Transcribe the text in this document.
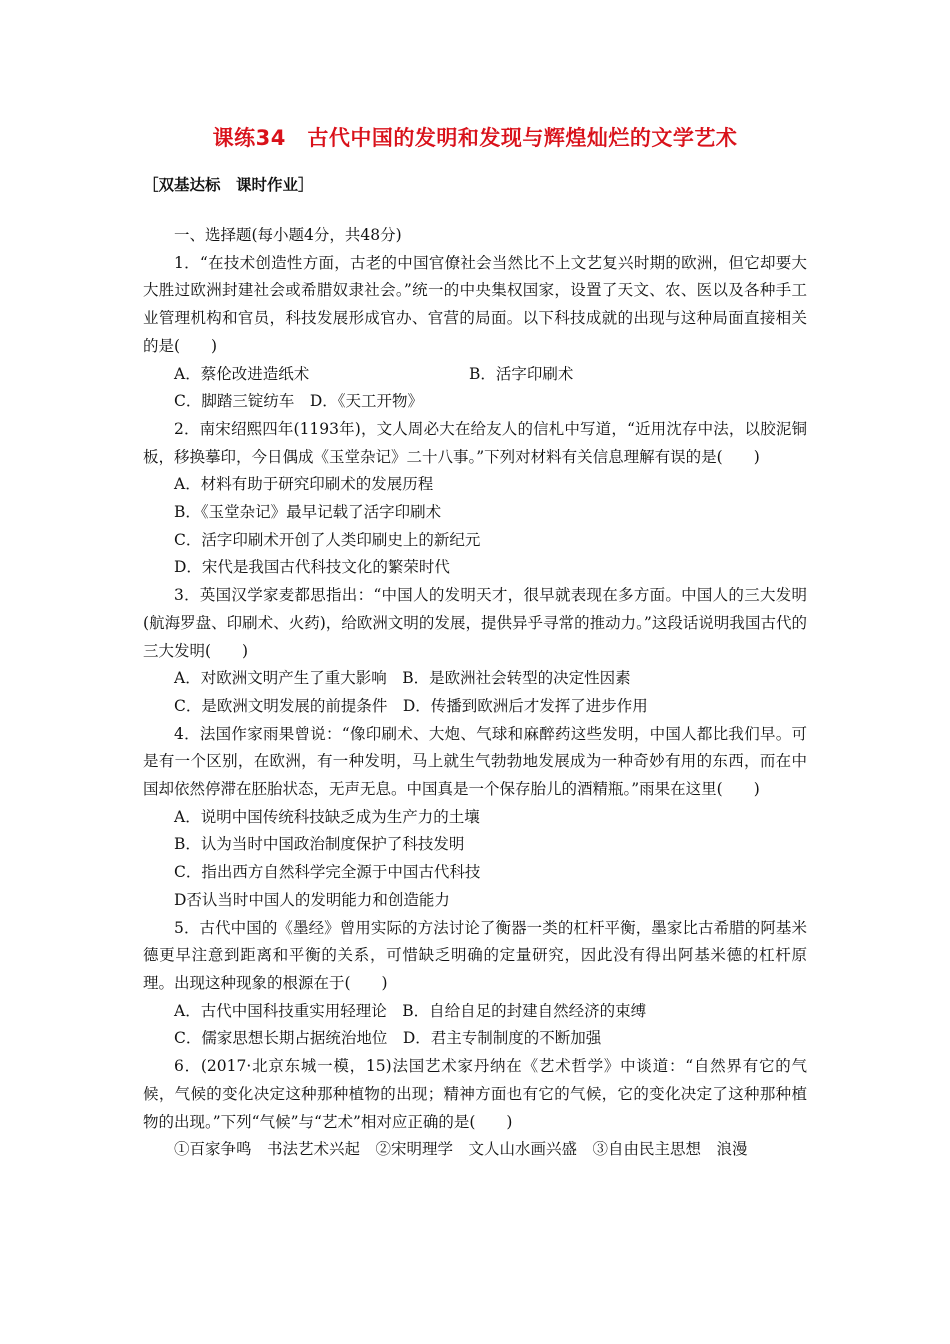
课练34　古代中国的发明和发现与辉煌灿烂的文学艺术
［双基达标　课时作业］

一、选择题(每小题4分，共48分)

1．“在技术创造性方面，古老的中国官僚社会当然比不上文艺复兴时期的欧洲，但它却要大大胜过欧洲封建社会或希腊奴隶社会。”统一的中央集权国家，设置了天文、农、医以及各种手工业管理机构和官员，科技发展形成官办、官营的局面。以下科技成就的出现与这种局面直接相关的是(　　)

A．蔡伦改进造纸术	B．活字印刷术

C．脚踏三锭纺车　D．《天工开物》

2．南宋绍熙四年(1193年)，文人周必大在给友人的信札中写道，“近用沈存中法，以胶泥铜板，移换摹印，今日偶成《玉堂杂记》二十八事。”下列对材料有关信息理解有误的是(　　)

A．材料有助于研究印刷术的发展历程

B．《玉堂杂记》最早记载了活字印刷术

C．活字印刷术开创了人类印刷史上的新纪元

D．宋代是我国古代科技文化的繁荣时代

3．英国汉学家麦都思指出：“中国人的发明天才，很早就表现在多方面。中国人的三大发明(航海罗盘、印刷术、火药)，给欧洲文明的发展，提供异乎寻常的推动力。”这段话说明我国古代的三大发明(　　)

A．对欧洲文明产生了重大影响　B．是欧洲社会转型的决定性因素

C．是欧洲文明发展的前提条件　D．传播到欧洲后才发挥了进步作用

4．法国作家雨果曾说：“像印刷术、大炮、气球和麻醉药这些发明，中国人都比我们早。可是有一个区别，在欧洲，有一种发明，马上就生气勃勃地发展成为一种奇妙有用的东西，而在中国却依然停滞在胚胎状态，无声无息。中国真是一个保存胎儿的酒精瓶。”雨果在这里(　　)

A．说明中国传统科技缺乏成为生产力的土壤

B．认为当时中国政治制度保护了科技发明

C．指出西方自然科学完全源于中国古代科技

D否认当时中国人的发明能力和创造能力

5．古代中国的《墨经》曾用实际的方法讨论了衡器一类的杠杆平衡，墨家比古希腊的阿基米德更早注意到距离和平衡的关系，可惜缺乏明确的定量研究，因此没有得出阿基米德的杠杆原理。出现这种现象的根源在于(　　)

A．古代中国科技重实用轻理论　B．自给自足的封建自然经济的束缚

C．儒家思想长期占据统治地位　D．君主专制制度的不断加强

6．(2017·北京东城一模，15)法国艺术家丹纳在《艺术哲学》中谈道：“自然界有它的气候，气候的变化决定这种那种植物的出现；精神方面也有它的气候，它的变化决定了这种那种植物的出现。”下列“气候”与“艺术”相对应正确的是(　　)

①百家争鸣　书法艺术兴起　②宋明理学　文人山水画兴盛　③自由民主思想　浪漫
